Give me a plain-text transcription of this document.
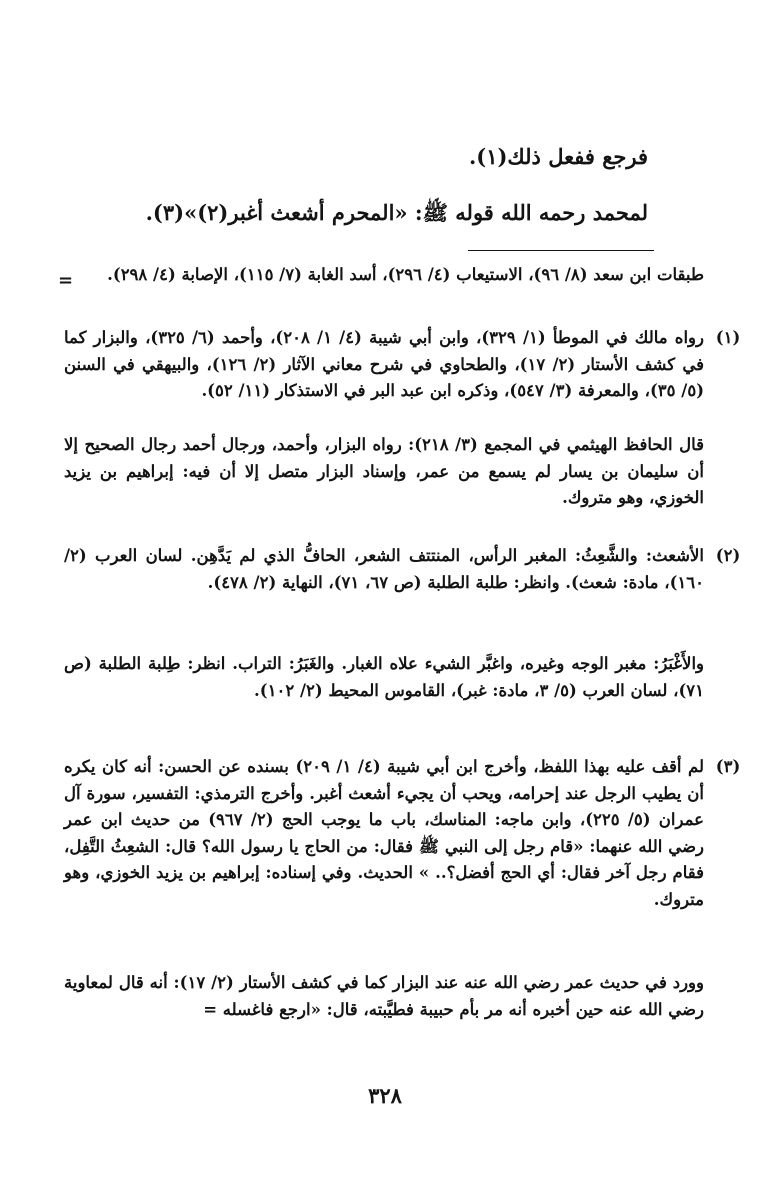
فرجع ففعل ذلك(١).

لمحمد رحمه الله قوله ﷺ: «المحرم أشعث أغبر(٢)»(٣).

=	طبقات ابن سعد (٨/ ٩٦)، الاستيعاب (٤/ ٢٩٦)، أسد الغابة (٧/ ١١٥)، الإصابة (٤/ ٢٩٨).

(١)

رواه مالك في الموطأ (١/ ٣٢٩)، وابن أبي شيبة (٤/ ١/ ٢٠٨)، وأحمد (٦/ ٣٢٥)، والبزار كما في كشف الأستار (٢/ ١٧)، والطحاوي في شرح معاني الآثار (٢/ ١٢٦)، والبيهقي في السنن (٥/ ٣٥)، والمعرفة (٣/ ٥٤٧)، وذكره ابن عبد البر في الاستذكار (١١/ ٥٢).

قال الحافظ الهيثمي في المجمع (٣/ ٢١٨): رواه البزار، وأحمد، ورجال أحمد رجال الصحيح إلا أن سليمان بن يسار لم يسمع من عمر، وإسناد البزار متصل إلا أن فيه: إبراهيم بن يزيد الخوزي، وهو متروك.

(٢)

الأشعث: والشَّعِثُ: المغبر الرأس، المنتتف الشعر، الحافُّ الذي لم يَدَّهِن. لسان العرب (٢/ ١٦٠)، مادة: شعث). وانظر: طلبة الطلبة (ص ٦٧، ٧١)، النهاية (٢/ ٤٧٨).

والأَغْبَرُ: مغبر الوجه وغيره، واغبَّر الشيء علاه الغبار. والغَبَرُ: التراب. انظر: طِلبة الطلبة (ص ٧١)، لسان العرب (٥/ ٣، مادة: غبر)، القاموس المحيط (٢/ ١٠٢).

(٣)

لم أقف عليه بهذا اللفظ، وأخرج ابن أبي شيبة (٤/ ١/ ٢٠٩) بسنده عن الحسن: أنه كان يكره أن يطيب الرجل عند إحرامه، ويحب أن يجيء أشعث أغبر. وأخرج الترمذي: التفسير، سورة آل عمران (٥/ ٢٢٥)، وابن ماجه: المناسك، باب ما يوجب الحج (٢/ ٩٦٧) من حديث ابن عمر رضي الله عنهما: «قام رجل إلى النبي ﷺ فقال: من الحاج يا رسول الله؟ قال: الشعِثُ التَّفِل، فقام رجل آخر فقال: أي الحج أفضل؟.. » الحديث. وفي إسناده: إبراهيم بن يزيد الخوزي، وهو متروك.

وورد في حديث عمر رضي الله عنه عند البزار كما في كشف الأستار (٢/ ١٧): أنه قال لمعاوية رضي الله عنه حين أخبره أنه مر بأم حبيبة فطيَّبته، قال: «ارجع فاغسله =

٣٢٨
